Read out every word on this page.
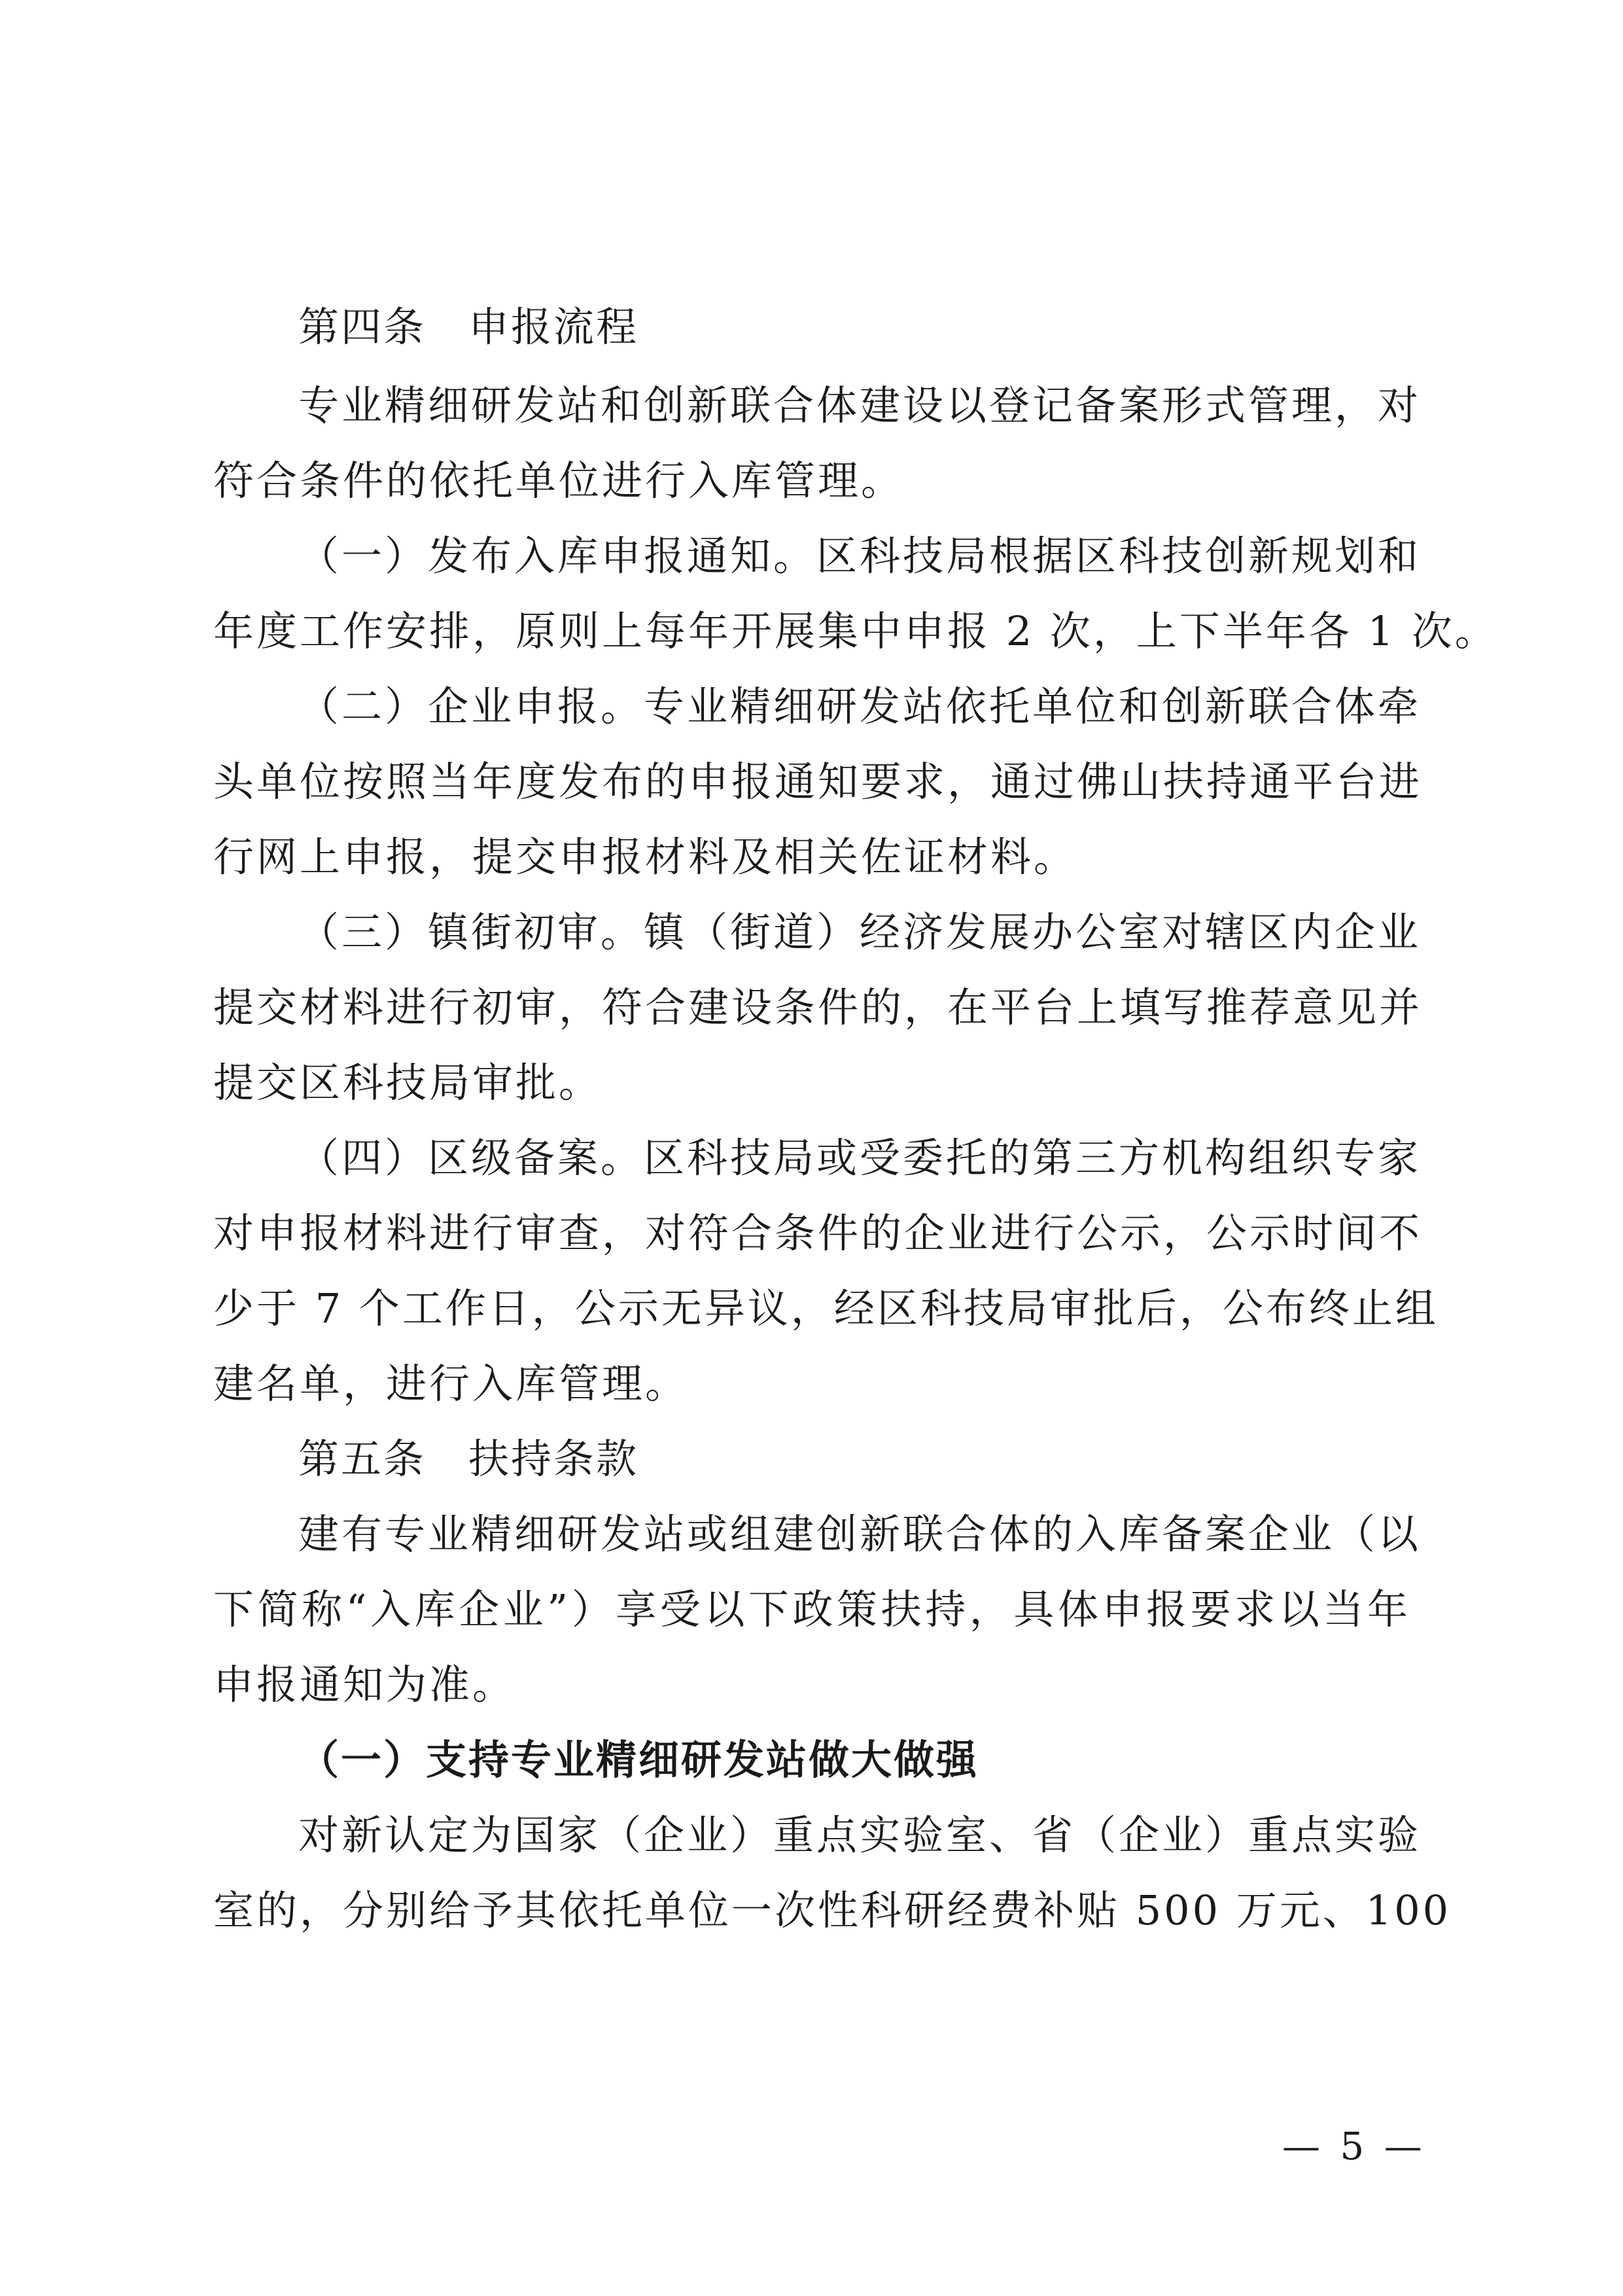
第四条　申报流程
专业精细研发站和创新联合体建设以登记备案形式管理，对
符合条件的依托单位进行入库管理。
（一）发布入库申报通知。区科技局根据区科技创新规划和
年度工作安排，原则上每年开展集中申报 2 次，上下半年各 1 次。
（二）企业申报。专业精细研发站依托单位和创新联合体牵
头单位按照当年度发布的申报通知要求，通过佛山扶持通平台进
行网上申报，提交申报材料及相关佐证材料。
（三）镇街初审。镇（街道）经济发展办公室对辖区内企业
提交材料进行初审，符合建设条件的，在平台上填写推荐意见并
提交区科技局审批。
（四）区级备案。区科技局或受委托的第三方机构组织专家
对申报材料进行审查，对符合条件的企业进行公示，公示时间不
少于 7 个工作日，公示无异议，经区科技局审批后，公布终止组
建名单，进行入库管理。
第五条　扶持条款
建有专业精细研发站或组建创新联合体的入库备案企业（以
下简称“入库企业”）享受以下政策扶持，具体申报要求以当年
申报通知为准。
（一）支持专业精细研发站做大做强
对新认定为国家（企业）重点实验室、省（企业）重点实验
室的，分别给予其依托单位一次性科研经费补贴 500 万元、100
— 5 —
